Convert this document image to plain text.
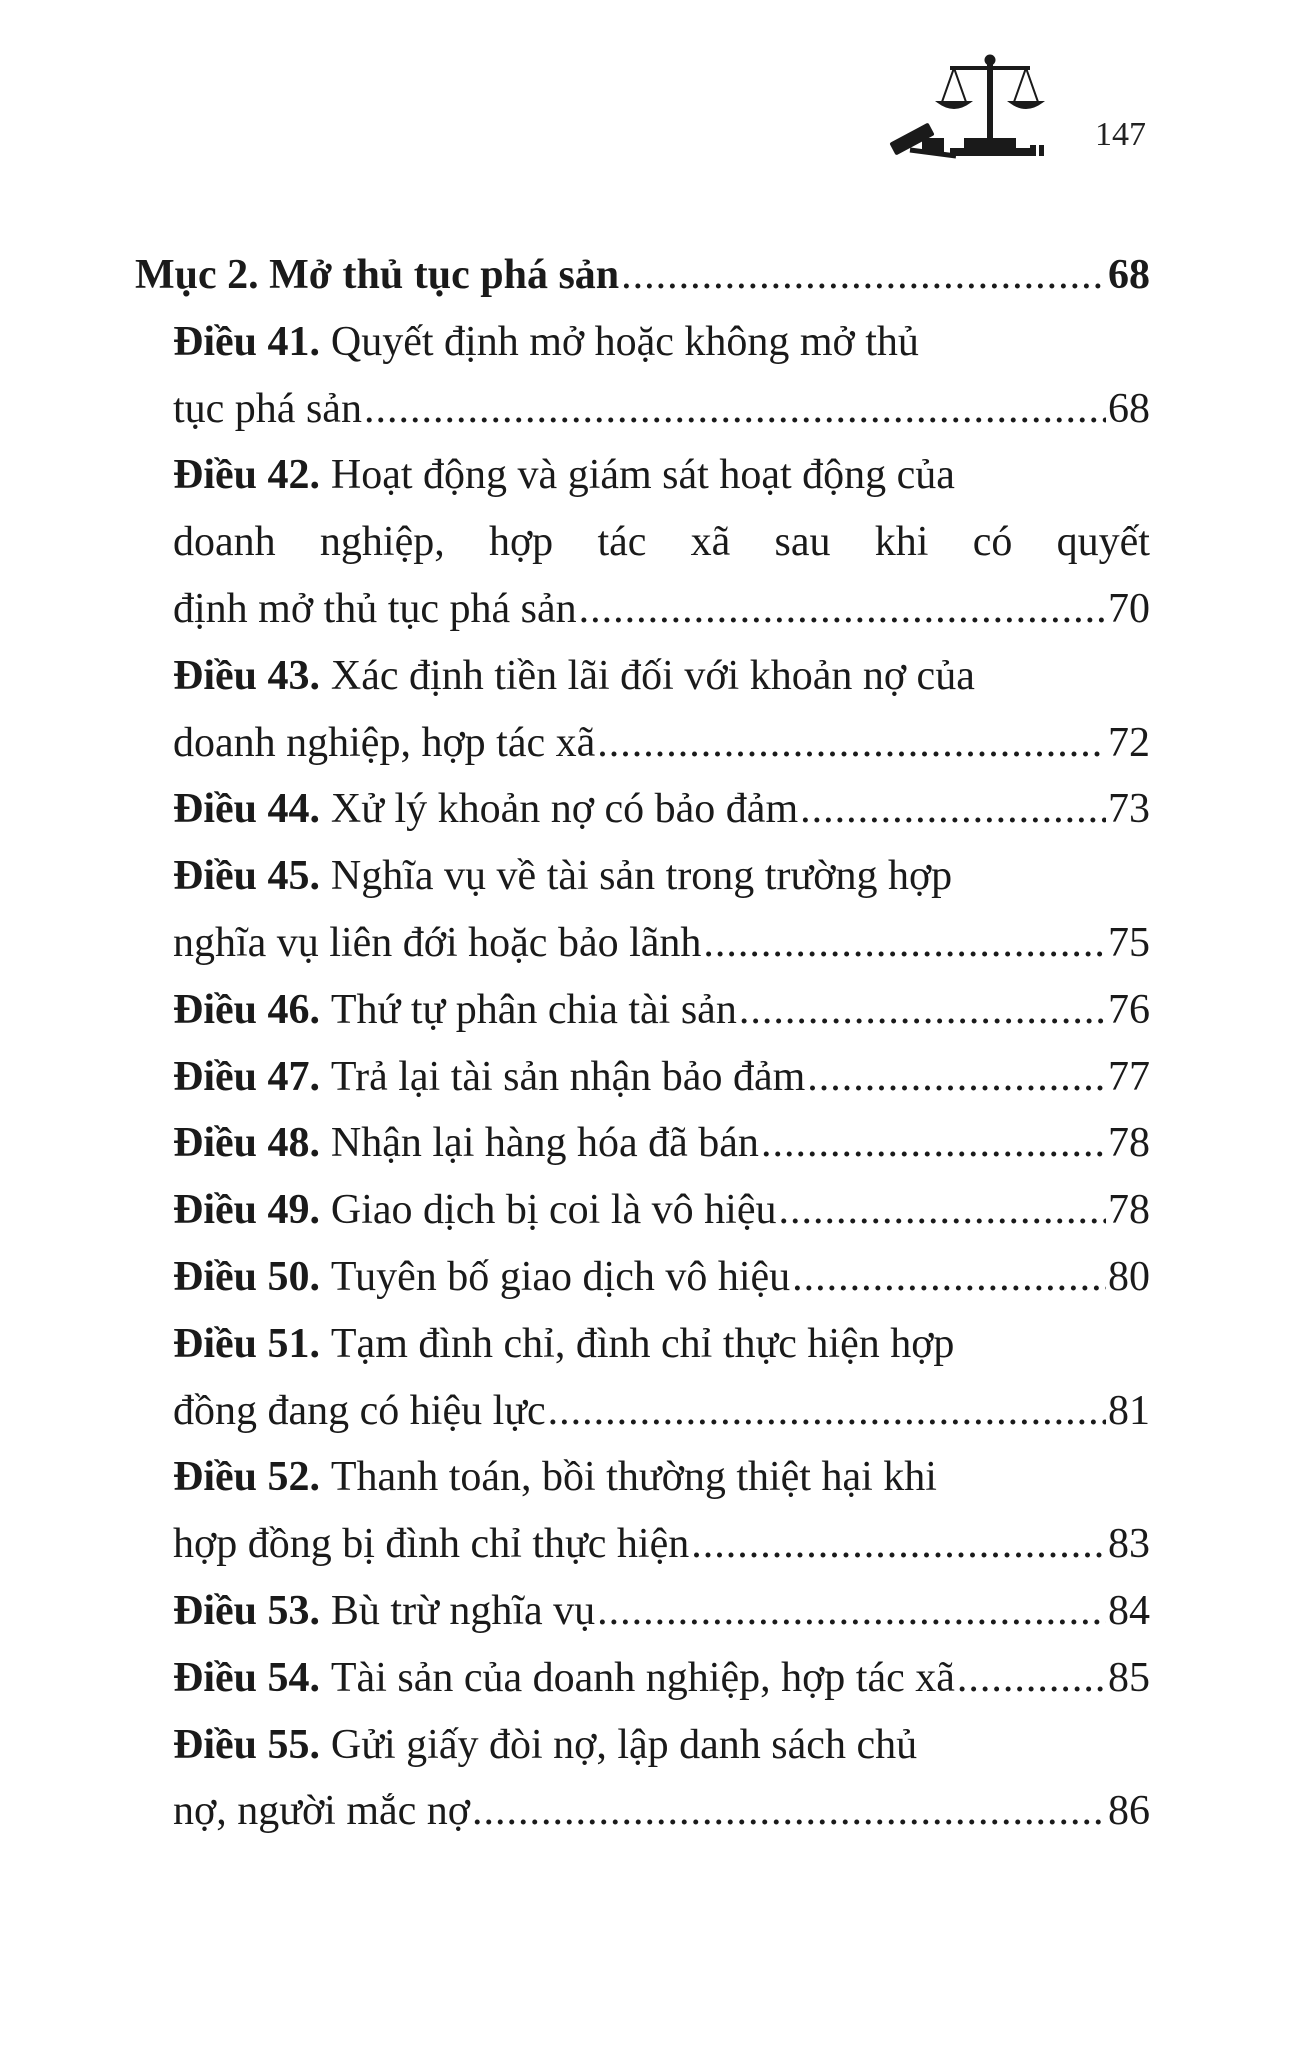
147
Mục 2. Mở thủ tục phá sản .....	68
Điều 41. Quyết định mở hoặc không mở thủ
tục phá sản .....	68
Điều 42. Hoạt động và giám sát hoạt động của
doanh nghiệp, hợp tác xã sau khi có quyết
định mở thủ tục phá sản .....	70
Điều 43. Xác định tiền lãi đối với khoản nợ của
doanh nghiệp, hợp tác xã .....	72
Điều 44. Xử lý khoản nợ có bảo đảm .....	73
Điều 45. Nghĩa vụ về tài sản trong trường hợp
nghĩa vụ liên đới hoặc bảo lãnh .....	75
Điều 46. Thứ tự phân chia tài sản .....	76
Điều 47. Trả lại tài sản nhận bảo đảm .....	77
Điều 48. Nhận lại hàng hóa đã bán .....	78
Điều 49. Giao dịch bị coi là vô hiệu .....	78
Điều 50. Tuyên bố giao dịch vô hiệu .....	80
Điều 51. Tạm đình chỉ, đình chỉ thực hiện hợp
đồng đang có hiệu lực .....	81
Điều 52. Thanh toán, bồi thường thiệt hại khi
hợp đồng bị đình chỉ thực hiện .....	83
Điều 53. Bù trừ nghĩa vụ .....	84
Điều 54. Tài sản của doanh nghiệp, hợp tác xã .....	85
Điều 55. Gửi giấy đòi nợ, lập danh sách chủ
nợ, người mắc nợ .....	86
